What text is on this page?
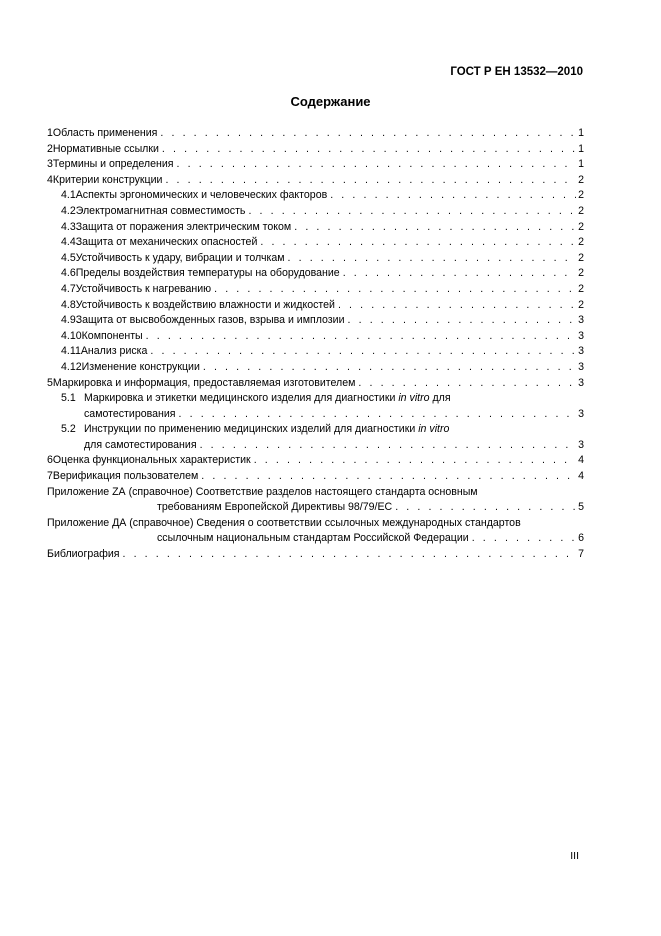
ГОСТ Р ЕН 13532—2010
Содержание
1 Область применения . . .	1
2 Нормативные ссылки . . .	1
3 Термины и определения . . .	1
4 Критерии конструкции . . .	2
4.1 Аспекты эргономических и человеческих факторов . . .	2
4.2 Электромагнитная совместимость . . .	2
4.3 Защита от поражения электрическим током . . .	2
4.4 Защита от механических опасностей . . .	2
4.5 Устойчивость к удару, вибрации и толчкам . . .	2
4.6 Пределы воздействия температуры на оборудование . . .	2
4.7 Устойчивость к нагреванию . . .	2
4.8 Устойчивость к воздействию влажности и жидкостей . . .	2
4.9 Защита от высвобожденных газов, взрыва и имплозии . . .	3
4.10 Компоненты . . .	3
4.11 Анализ риска . . .	3
4.12 Изменение конструкции . . .	3
5 Маркировка и информация, предоставляемая изготовителем . . .	3
5.1 Маркировка и этикетки медицинского изделия для диагностики in vitro для
самотестирования . . .	3
5.2 Инструкции по применению медицинских изделий для диагностики in vitro
для самотестирования . . .	3
6 Оценка функциональных характеристик . . .	4
7 Верификация пользователем . . .	4
Приложение ZA (справочное) Соответствие разделов настоящего стандарта основным
требованиям Европейской Директивы 98/79/ЕС . . .	5
Приложение ДА (справочное) Сведения о соответствии ссылочных международных стандартов
ссылочным национальным стандартам Российской Федерации . . .	6
Библиография . . .	7
III
